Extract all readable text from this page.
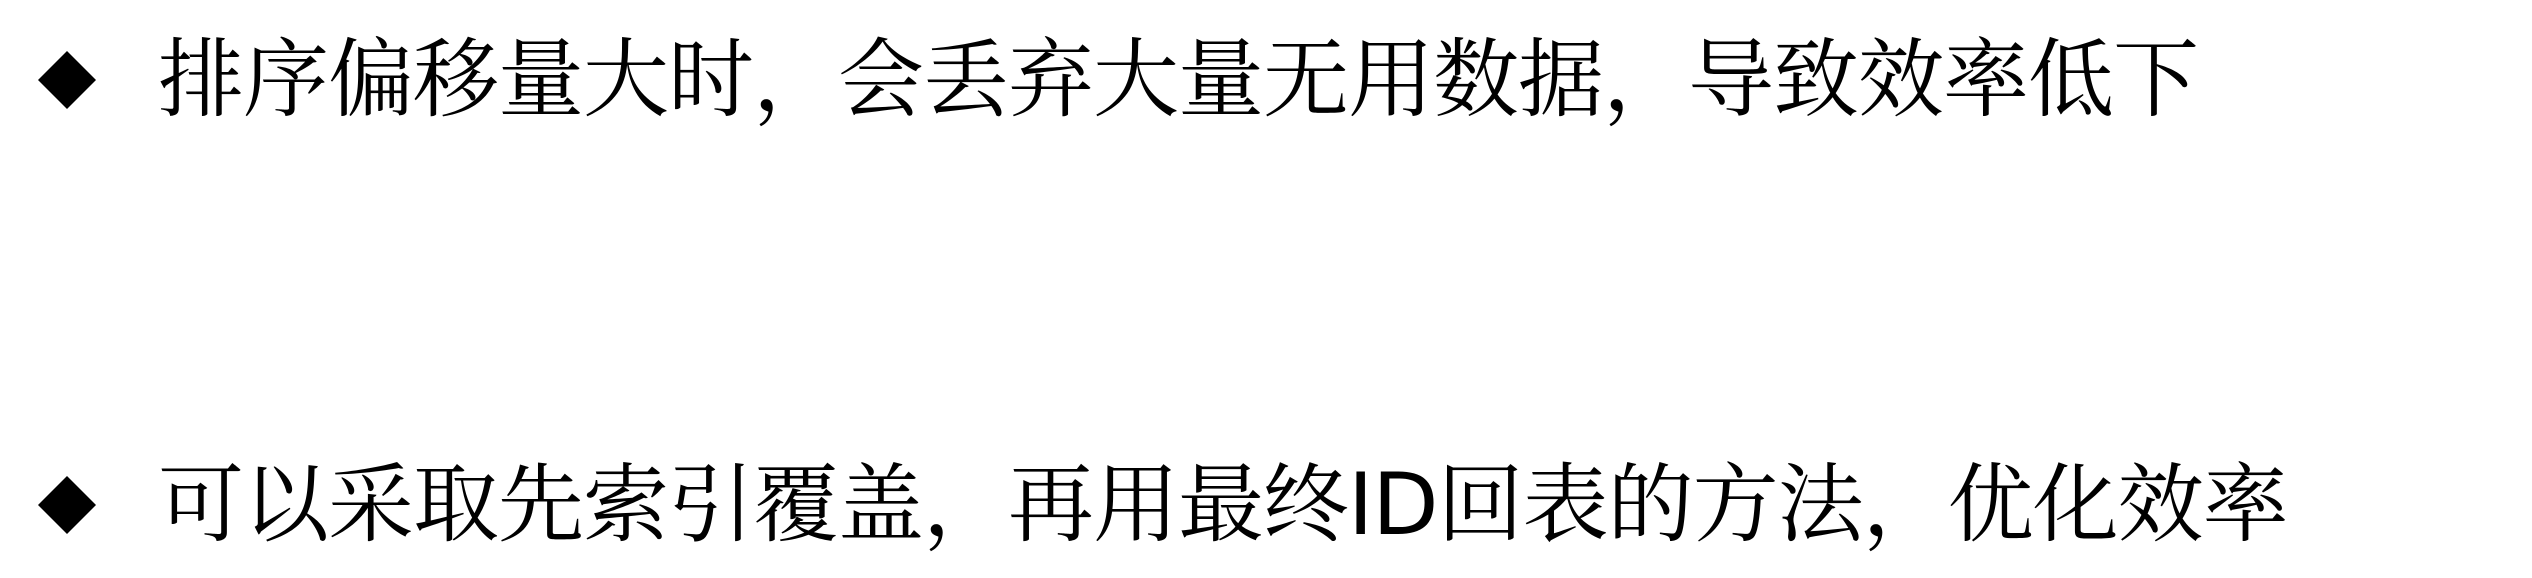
排序偏移量大时，会丢弃大量无用数据，导致效率低下
可以采取先索引覆盖，再用最终ID回表的方法，优化效率
